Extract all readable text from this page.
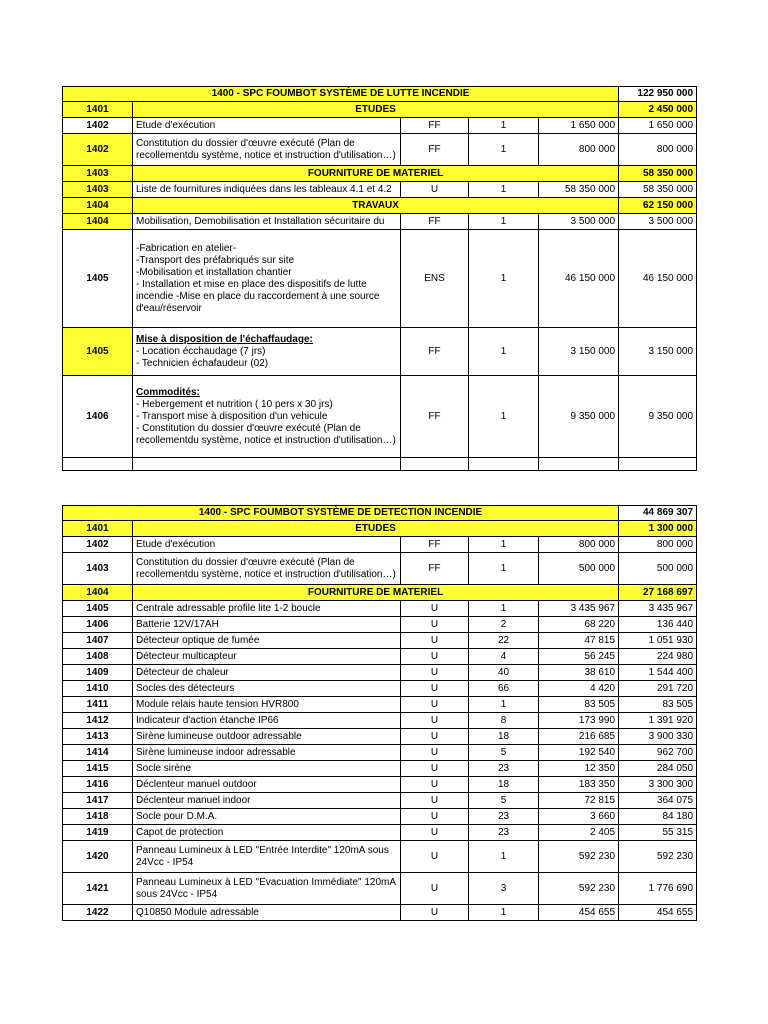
1400 - SPC FOUMBOT SYSTÈME DE LUTTE INCENDIE					122 950 000
1401	ETUDES				2 450 000
1402	Etude d'exécution	FF	1	1 650 000	1 650 000
1402	Constitution du dossier d'œuvre exécuté (Plan de recollementdu système, notice et instruction d'utilisation…)	FF	1	800 000	800 000
1403	FOURNITURE DE MATERIEL				58 350 000
1403	Liste de fournitures indiquées dans les tableaux 4.1 et 4.2	U	1	58 350 000	58 350 000
1404	TRAVAUX				62 150 000
1404	Mobilisation, Demobilisation et Installation sécuritaire du	FF	1	3 500 000	3 500 000
1405	-Fabrication en atelier-
-Transport des préfabriqués sur site
-Mobilisation et installation chantier
- Installation et mise en place des dispositifs de lutte incendie -Mise en place du raccordement à une source d'eau/réservoir	ENS	1	46 150 000	46 150 000
1405	Mise à disposition de l'échaffaudage:
- Location écchaudage (7 jrs)
- Technicien échafaudeur (02)	FF	1	3 150 000	3 150 000
1406	Commodités:
- Hebergement et nutrition ( 10 pers x 30 jrs)
- Transport mise à disposition d'un vehicule
- Constitution du dossier d'œuvre exécuté (Plan de recollementdu système, notice et instruction d'utilisation…)	FF	1	9 350 000	9 350 000

1400 - SPC FOUMBOT SYSTÈME DE DETECTION INCENDIE					44 869 307
1401	ETUDES				1 300 000
1402	Etude d'exécution	FF	1	800 000	800 000
1403	Constitution du dossier d'œuvre exécuté (Plan de recollementdu système, notice et instruction d'utilisation…)	FF	1	500 000	500 000
1404	FOURNITURE DE MATERIEL				27 168 697
1405	Centrale adressable profile lite 1-2 boucle	U	1	3 435 967	3 435 967
1406	Batterie 12V/17AH	U	2	68 220	136 440
1407	Détecteur optique de fumée	U	22	47 815	1 051 930
1408	Détecteur multicapteur	U	4	56 245	224 980
1409	Détecteur de chaleur	U	40	38 610	1 544 400
1410	Socles des détecteurs	U	66	4 420	291 720
1411	Module relais haute tension HVR800	U	1	83 505	83 505
1412	Indicateur d'action étanche IP66	U	8	173 990	1 391 920
1413	Sirène lumineuse outdoor adressable	U	18	216 685	3 900 330
1414	Sirène lumineuse indoor adressable	U	5	192 540	962 700
1415	Socle sirène	U	23	12 350	284 050
1416	Déclenteur manuel outdoor	U	18	183 350	3 300 300
1417	Déclenteur manuel indoor	U	5	72 815	364 075
1418	Socle pour D.M.A.	U	23	3 660	84 180
1419	Capot de protection	U	23	2 405	55 315
1420	Panneau Lumineux à LED "Entrée Interdite" 120mA sous 24Vcc - IP54	U	1	592 230	592 230
1421	Panneau Lumineux à LED "Evacuation Immédiate" 120mA sous 24Vcc - IP54	U	3	592 230	1 776 690
1422	Q10850 Module adressable	U	1	454 655	454 655
